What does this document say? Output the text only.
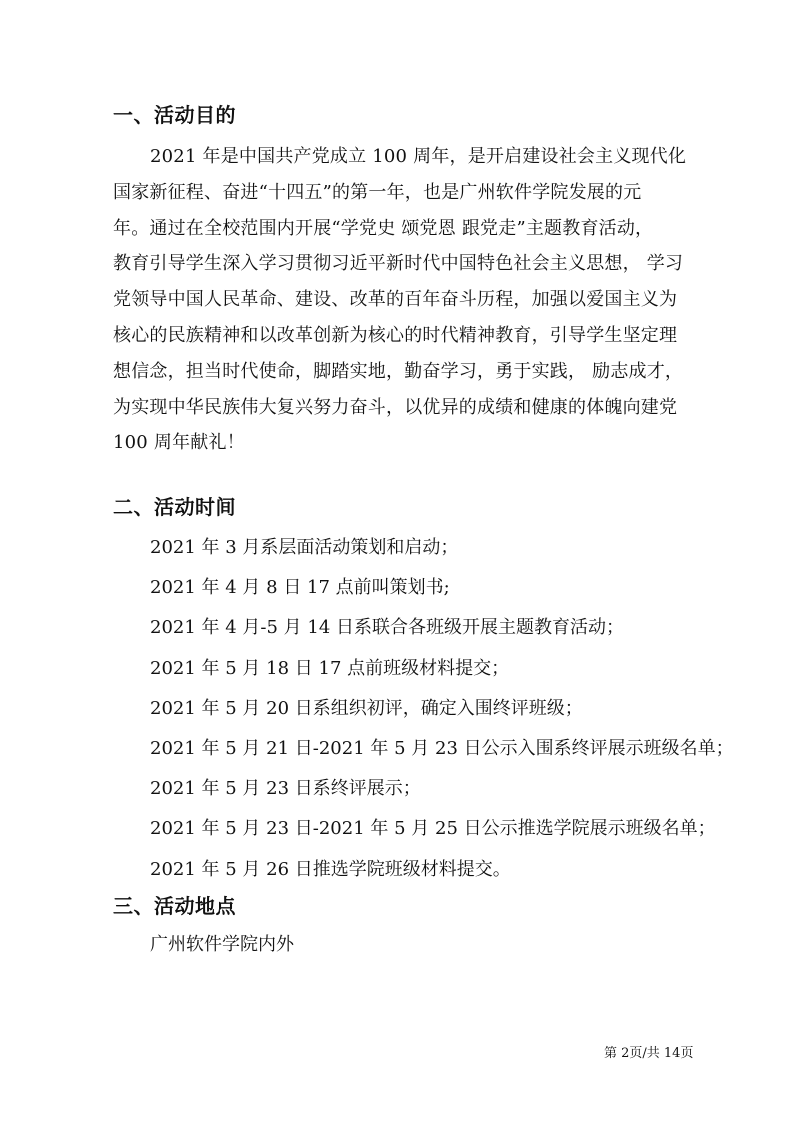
一、活动目的
2021 年是中国共产党成立 100 周年，是开启建设社会主义现代化
国家新征程、奋进“十四五”的第一年，也是广州软件学院发展的元
年。通过在全校范围内开展“学党史 颂党恩 跟党走”主题教育活动，
教育引导学生深入学习贯彻习近平新时代中国特色社会主义思想， 学习
党领导中国人民革命、建设、改革的百年奋斗历程，加强以爱国主义为
核心的民族精神和以改革创新为核心的时代精神教育，引导学生坚定理
想信念，担当时代使命，脚踏实地，勤奋学习，勇于实践， 励志成才，
为实现中华民族伟大复兴努力奋斗，以优异的成绩和健康的体魄向建党
100 周年献礼！
二、活动时间
2021 年 3 月系层面活动策划和启动；
2021 年 4 月 8 日 17 点前叫策划书;
2021 年 4 月-5 月 14 日系联合各班级开展主题教育活动；
2021 年 5 月 18 日 17 点前班级材料提交；
2021 年 5 月 20 日系组织初评，确定入围终评班级；
2021 年 5 月 21 日-2021 年 5 月 23 日公示入围系终评展示班级名单；
2021 年 5 月 23 日系终评展示；
2021 年 5 月 23 日-2021 年 5 月 25 日公示推选学院展示班级名单；
2021 年 5 月 26 日推选学院班级材料提交。
三、活动地点
广州软件学院内外
第 2页/共 14页
